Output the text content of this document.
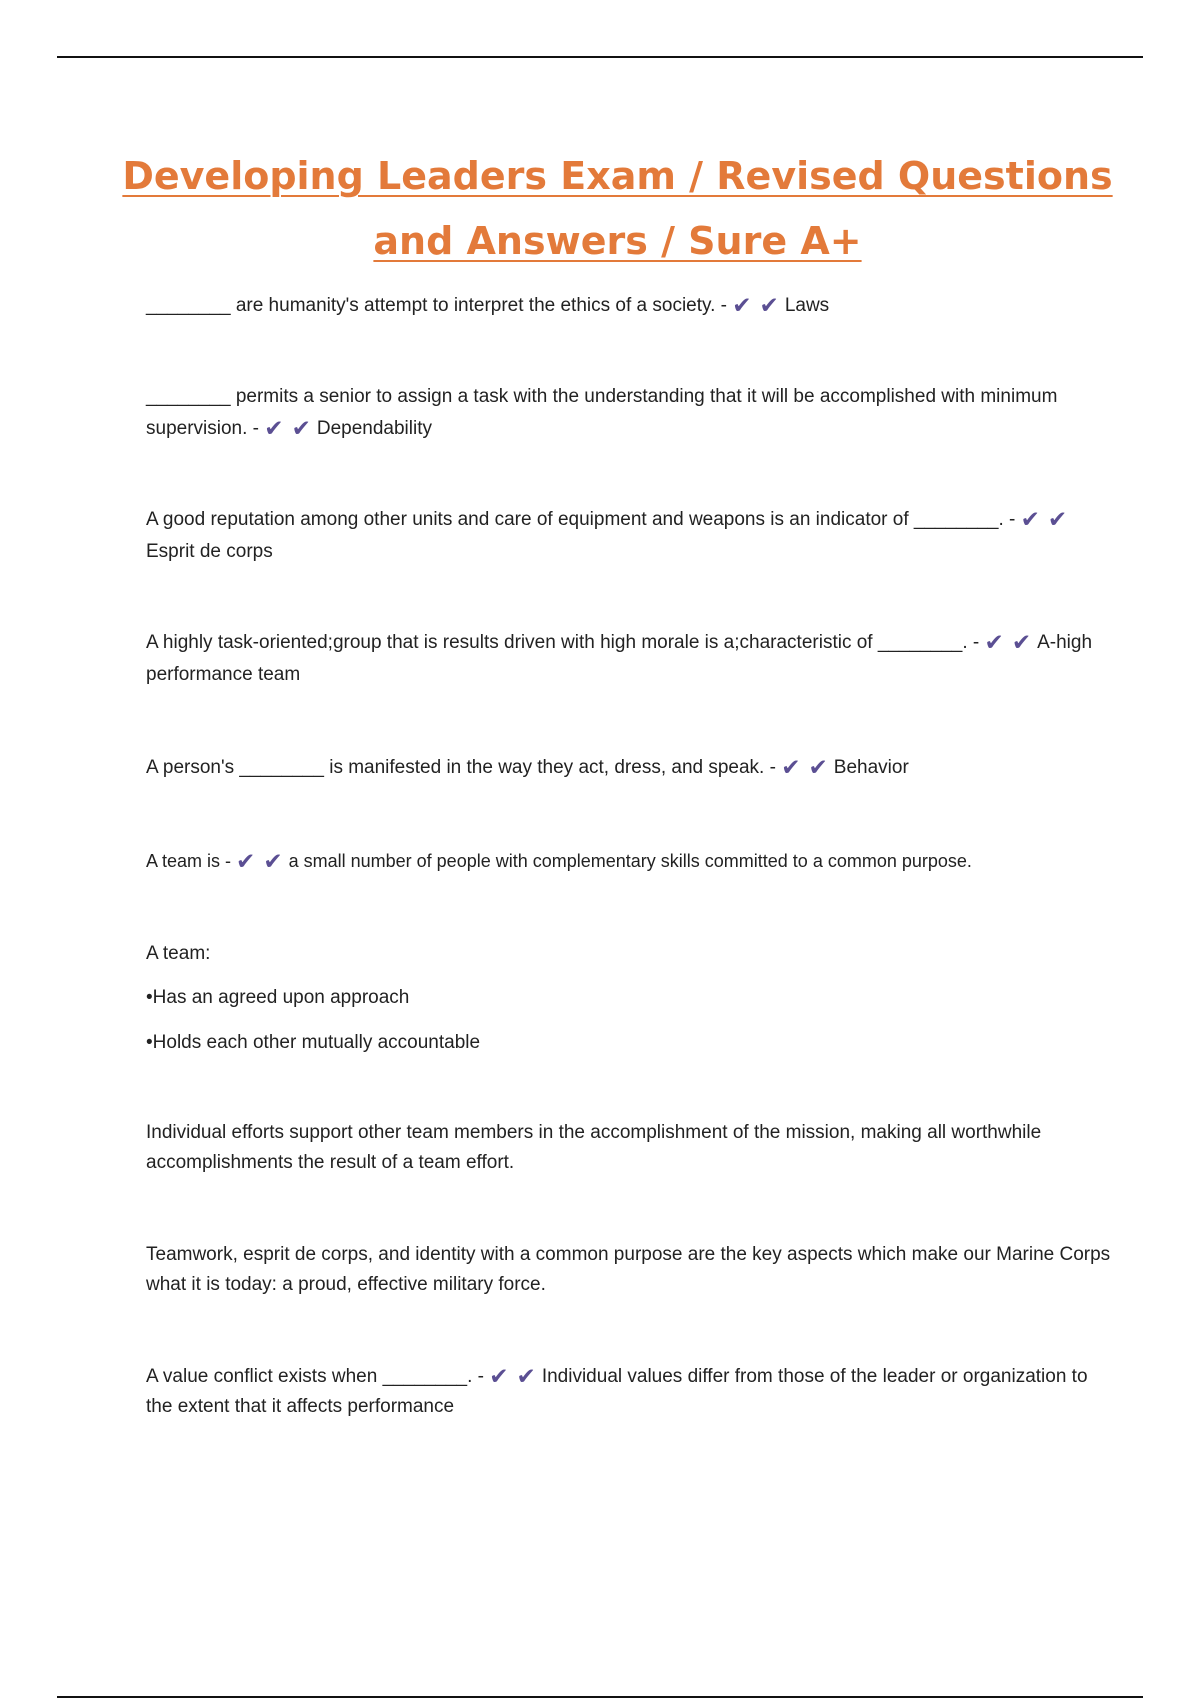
Developing Leaders Exam / Revised Questions
and Answers / Sure A+
________ are humanity's attempt to interpret the ethics of a society. - ✔ ✔ Laws
________ permits a senior to assign a task with the understanding that it will be accomplished with minimum supervision. - ✔ ✔ Dependability
A good reputation among other units and care of equipment and weapons is an indicator of ________. - ✔ ✔Esprit de corps
A highly task-oriented;group that is results driven with high morale is a;characteristic of ________. - ✔ ✔ A-high performance team
A person's ________ is manifested in the way they act, dress, and speak. - ✔ ✔ Behavior
A team is - ✔ ✔ a small number of people with complementary skills committed to a common purpose.
A team:
•Has an agreed upon approach
•Holds each other mutually accountable
Individual efforts support other team members in the accomplishment of the mission, making all worthwhile accomplishments the result of a team effort.
Teamwork, esprit de corps, and identity with a common purpose are the key aspects which make our Marine Corps what it is today: a proud, effective military force.
A value conflict exists when ________. - ✔ ✔ Individual values differ from those of the leader or organization to the extent that it affects performance
